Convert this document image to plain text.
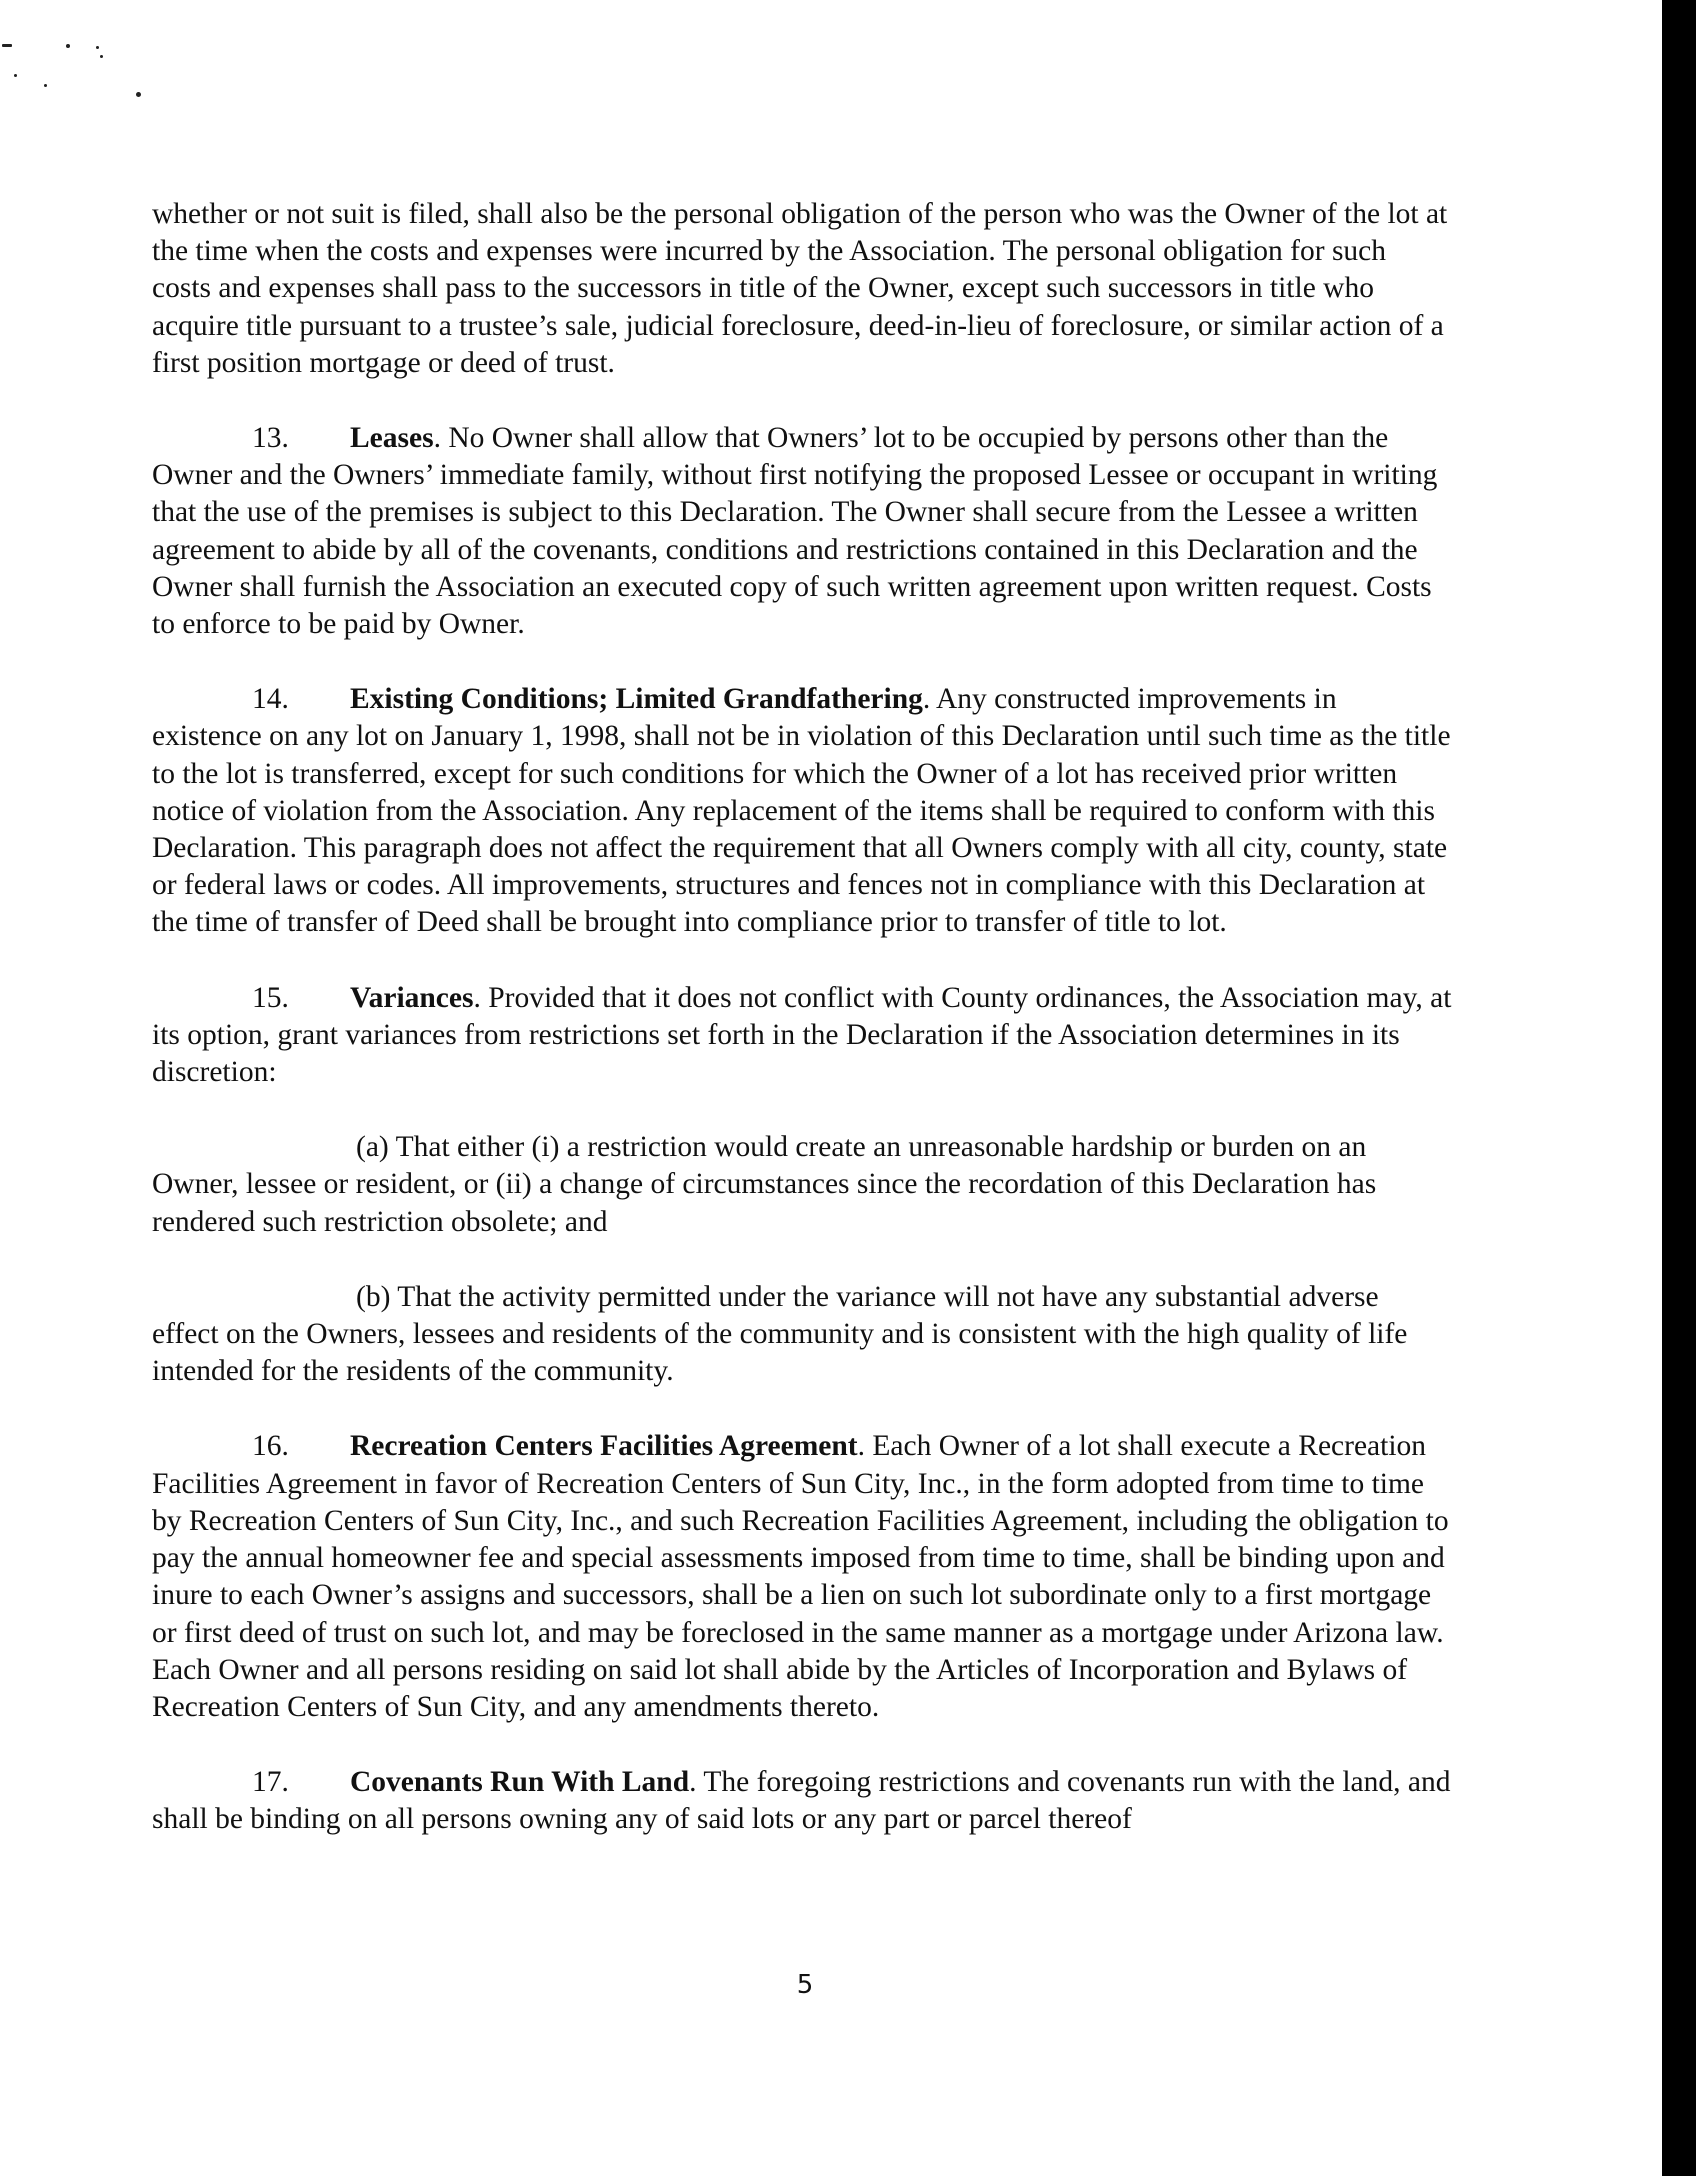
whether or not suit is filed, shall also be the personal obligation of the person who was the Owner of the lot at the time when the costs and expenses were incurred by the Association. The personal obligation for such costs and expenses shall pass to the successors in title of the Owner, except such successors in title who acquire title pursuant to a trustee’s sale, judicial foreclosure, deed-in-lieu of foreclosure, or similar action of a first position mortgage or deed of trust.

13. Leases. No Owner shall allow that Owners’ lot to be occupied by persons other than the Owner and the Owners’ immediate family, without first notifying the proposed Lessee or occupant in writing that the use of the premises is subject to this Declaration. The Owner shall secure from the Lessee a written agreement to abide by all of the covenants, conditions and restrictions contained in this Declaration and the Owner shall furnish the Association an executed copy of such written agreement upon written request. Costs to enforce to be paid by Owner.

14. Existing Conditions; Limited Grandfathering. Any constructed improvements in existence on any lot on January 1, 1998, shall not be in violation of this Declaration until such time as the title to the lot is transferred, except for such conditions for which the Owner of a lot has received prior written notice of violation from the Association. Any replacement of the items shall be required to conform with this Declaration. This paragraph does not affect the requirement that all Owners comply with all city, county, state or federal laws or codes. All improvements, structures and fences not in compliance with this Declaration at the time of transfer of Deed shall be brought into compliance prior to transfer of title to lot.

15. Variances. Provided that it does not conflict with County ordinances, the Association may, at its option, grant variances from restrictions set forth in the Declaration if the Association determines in its discretion:

(a) That either (i) a restriction would create an unreasonable hardship or burden on an Owner, lessee or resident, or (ii) a change of circumstances since the recordation of this Declaration has rendered such restriction obsolete; and

(b) That the activity permitted under the variance will not have any substantial adverse effect on the Owners, lessees and residents of the community and is consistent with the high quality of life intended for the residents of the community.

16. Recreation Centers Facilities Agreement. Each Owner of a lot shall execute a Recreation Facilities Agreement in favor of Recreation Centers of Sun City, Inc., in the form adopted from time to time by Recreation Centers of Sun City, Inc., and such Recreation Facilities Agreement, including the obligation to pay the annual homeowner fee and special assessments imposed from time to time, shall be binding upon and inure to each Owner’s assigns and successors, shall be a lien on such lot subordinate only to a first mortgage or first deed of trust on such lot, and may be foreclosed in the same manner as a mortgage under Arizona law. Each Owner and all persons residing on said lot shall abide by the Articles of Incorporation and Bylaws of Recreation Centers of Sun City, and any amendments thereto.

17. Covenants Run With Land. The foregoing restrictions and covenants run with the land, and shall be binding on all persons owning any of said lots or any part or parcel thereof

5
